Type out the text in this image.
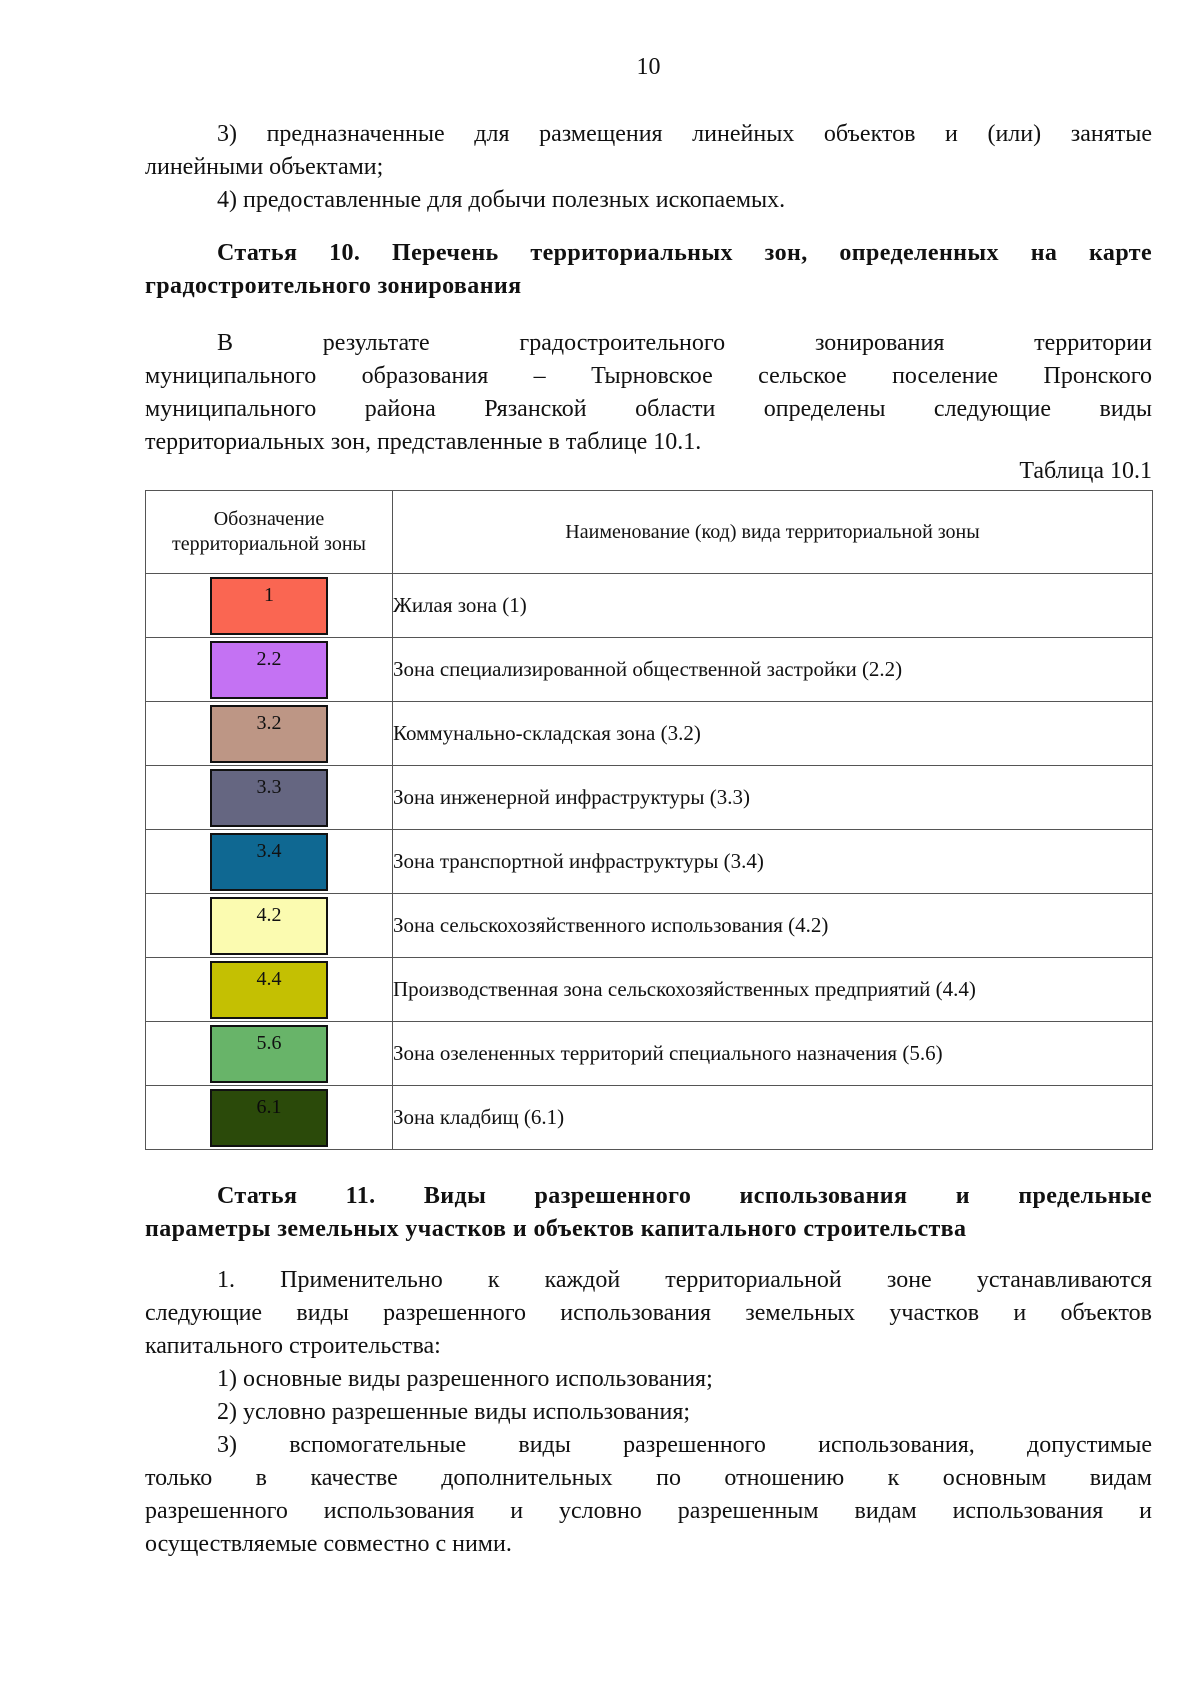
10

3) предназначенные для размещения линейных объектов и (или) занятые

линейными объектами;

4) предоставленные для добычи полезных ископаемых.

Статья 10. Перечень территориальных зон, определенных на карте

градостроительного зонирования

В результате градостроительного зонирования территории

муниципального образования – Тырновское сельское поселение Пронского

муниципального района Рязанской области определены следующие виды

территориальных зон, представленные в таблице 10.1.

Таблица 10.1
Обозначение территориальной зоны	Наименование (код) вида территориальной зоны

1	Жилая зона (1)

2.2	Зона специализированной общественной застройки (2.2)

3.2	Коммунально-складская зона (3.2)

3.3	Зона инженерной инфраструктуры (3.3)

3.4	Зона транспортной инфраструктуры (3.4)

4.2	Зона сельскохозяйственного использования (4.2)

4.4	Производственная зона сельскохозяйственных предприятий (4.4)

5.6	Зона озелененных территорий специального назначения (5.6)

6.1	Зона кладбищ (6.1)

Статья 11. Виды разрешенного использования и предельные

параметры земельных участков и объектов капитального строительства

1. Применительно к каждой территориальной зоне устанавливаются

следующие виды разрешенного использования земельных участков и объектов

капитального строительства:

1) основные виды разрешенного использования;

2) условно разрешенные виды использования;

3) вспомогательные виды разрешенного использования, допустимые

только в качестве дополнительных по отношению к основным видам

разрешенного использования и условно разрешенным видам использования и

осуществляемые совместно с ними.
